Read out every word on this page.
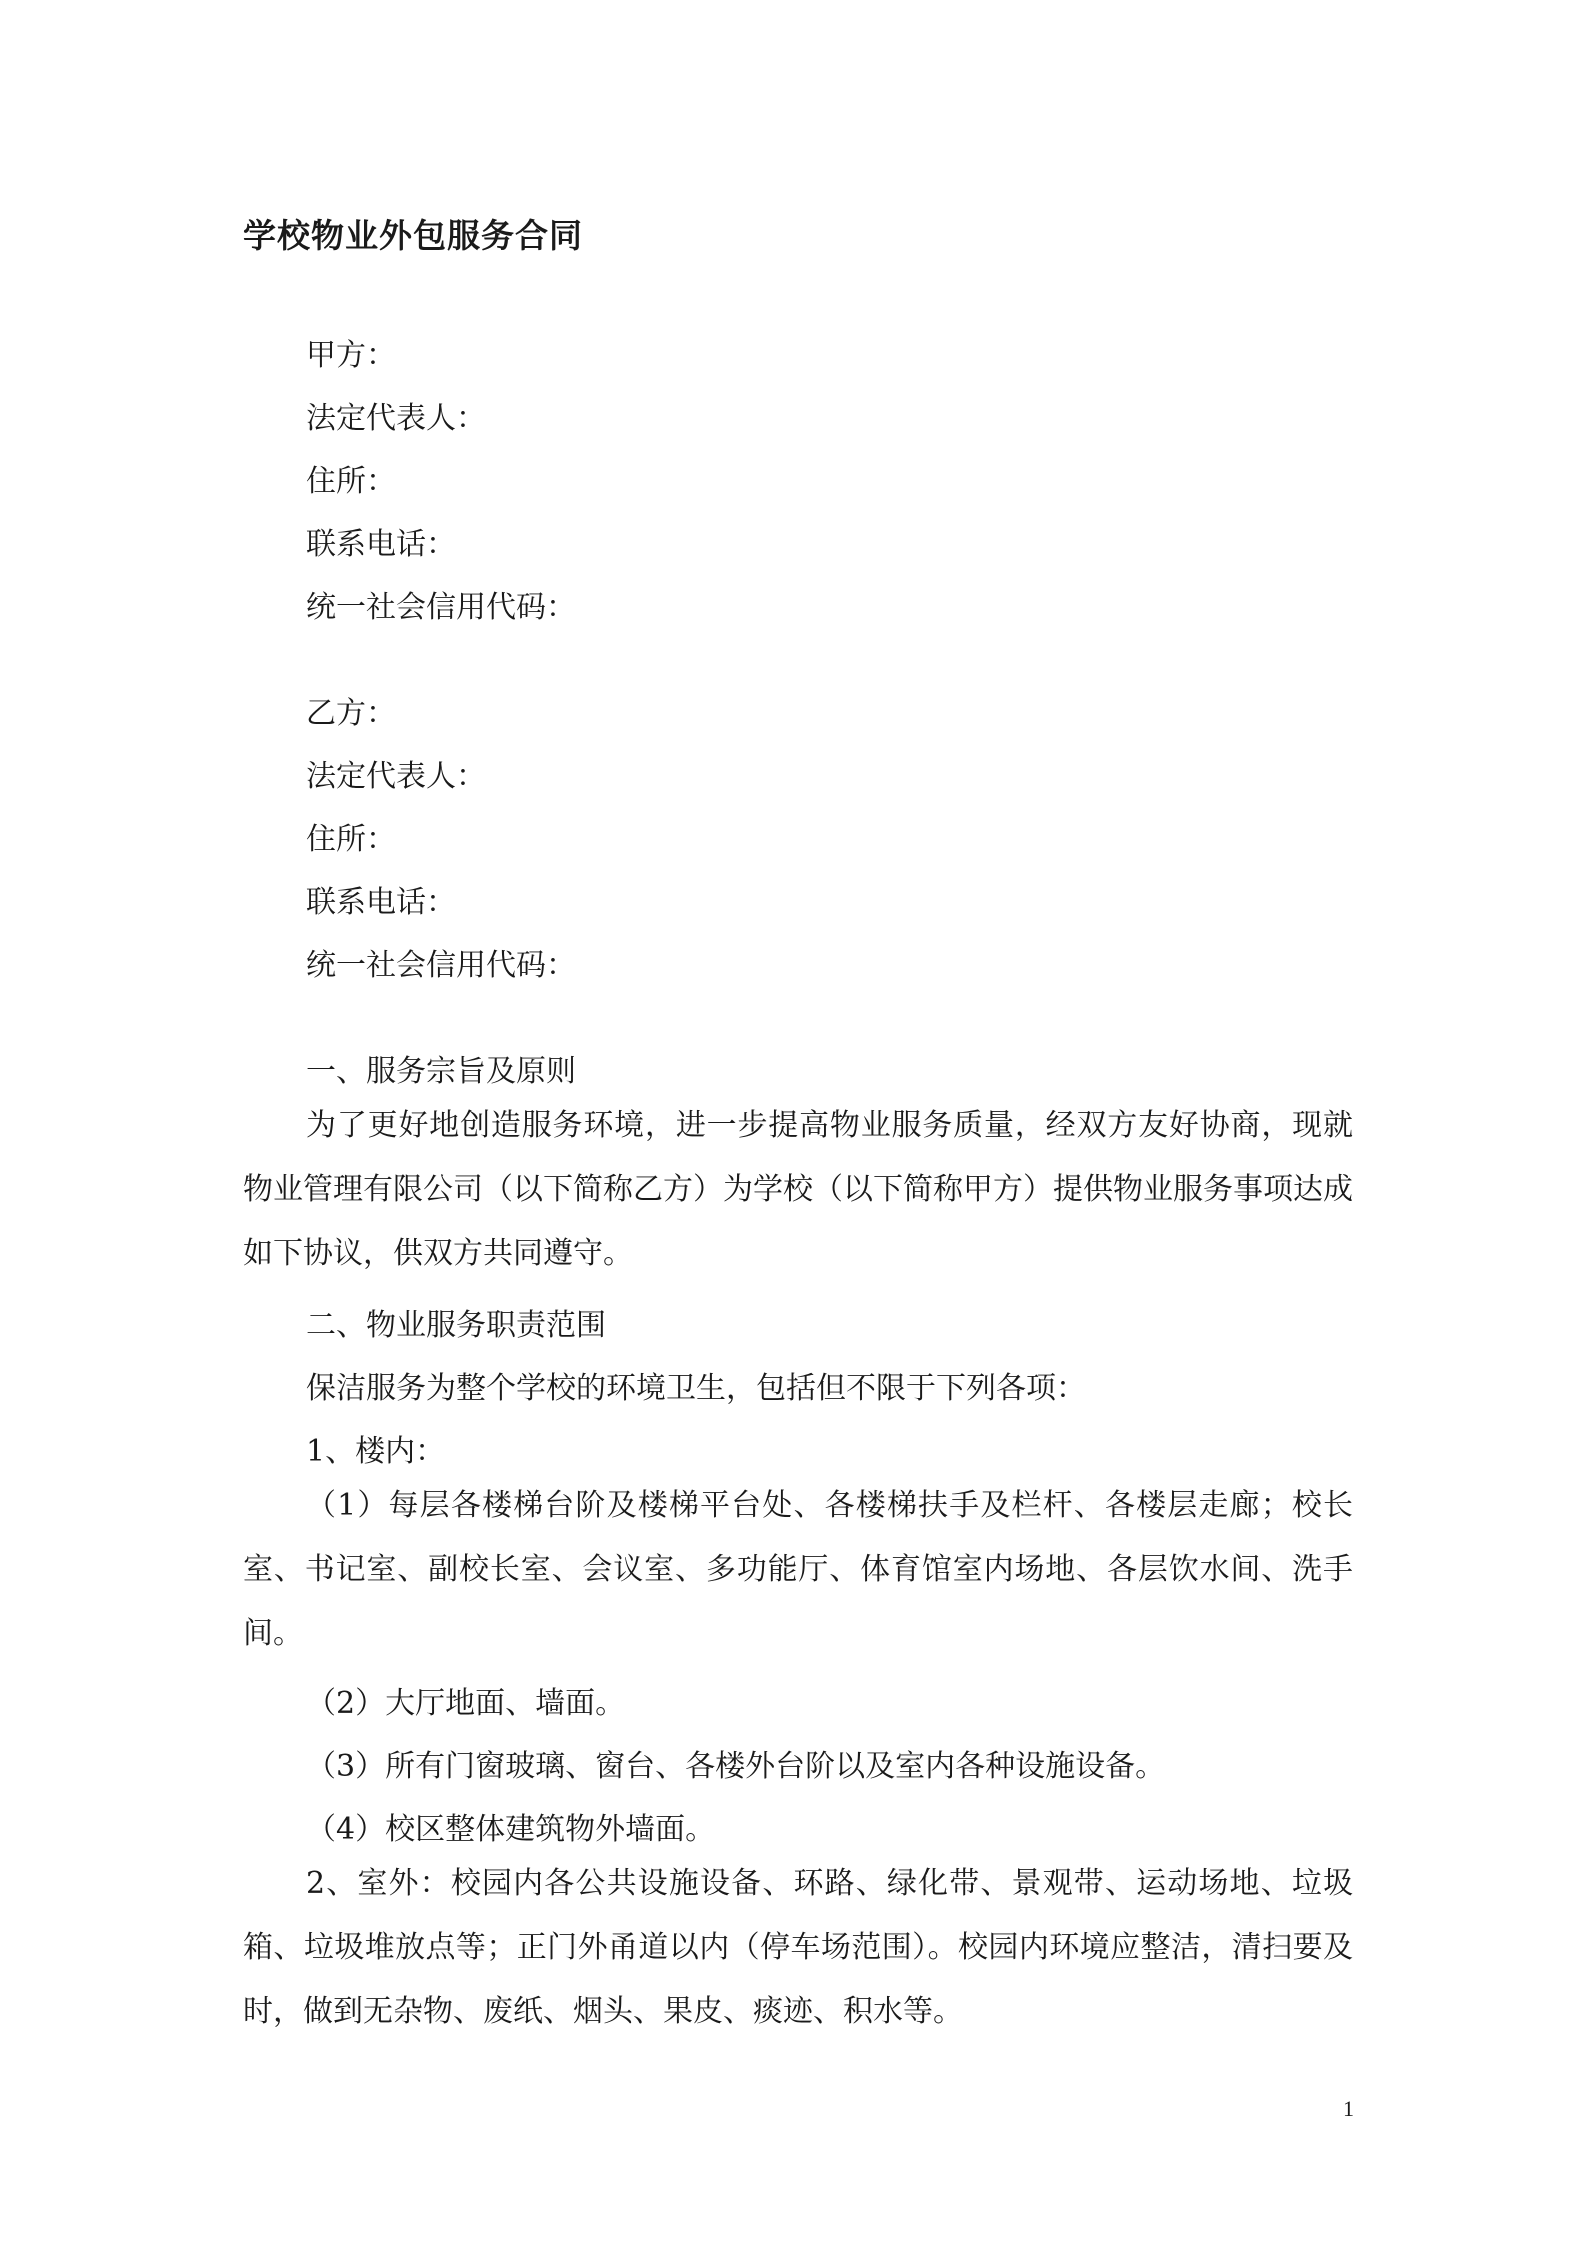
学校物业外包服务合同

甲方：

法定代表人：

住所：

联系电话：

统一社会信用代码：

乙方：

法定代表人：

住所：

联系电话：

统一社会信用代码：

一、服务宗旨及原则

为了更好地创造服务环境，进一步提高物业服务质量，经双方友好协商，现就物业管理有限公司（以下简称乙方）为学校（以下简称甲方）提供物业服务事项达成如下协议，供双方共同遵守。

二、物业服务职责范围

保洁服务为整个学校的环境卫生，包括但不限于下列各项：

1、楼内：

（1）每层各楼梯台阶及楼梯平台处、各楼梯扶手及栏杆、各楼层走廊；校长室、书记室、副校长室、会议室、多功能厅、体育馆室内场地、各层饮水间、洗手间。

（2）大厅地面、墙面。

（3）所有门窗玻璃、窗台、各楼外台阶以及室内各种设施设备。

（4）校区整体建筑物外墙面。

2、室外：校园内各公共设施设备、环路、绿化带、景观带、运动场地、垃圾箱、垃圾堆放点等；正门外甬道以内（停车场范围）。校园内环境应整洁，清扫要及时，做到无杂物、废纸、烟头、果皮、痰迹、积水等。

1
